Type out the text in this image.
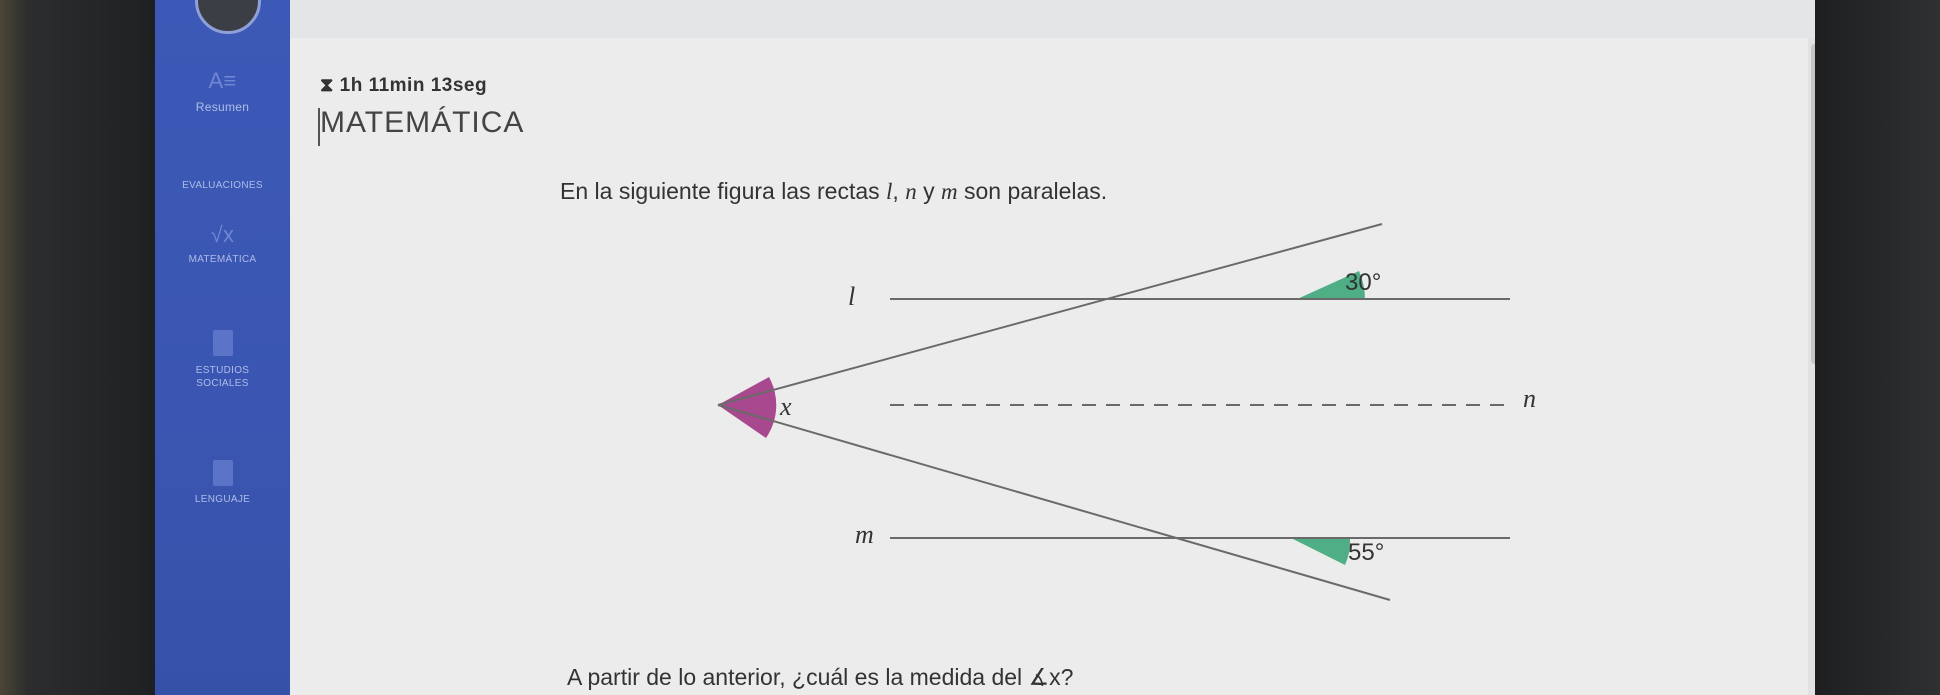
A≡
Resumen
EVALUACIONES
√x
MATEMÁTICA
ESTUDIOS SOCIALES
LENGUAJE
⧗ 1h 11min 13seg
MATEMÁTICA
En la siguiente figura las rectas l, n y m son paralelas.
l
n
m
30°
55°
x
A partir de lo anterior, ¿cuál es la medida del ∡x?
